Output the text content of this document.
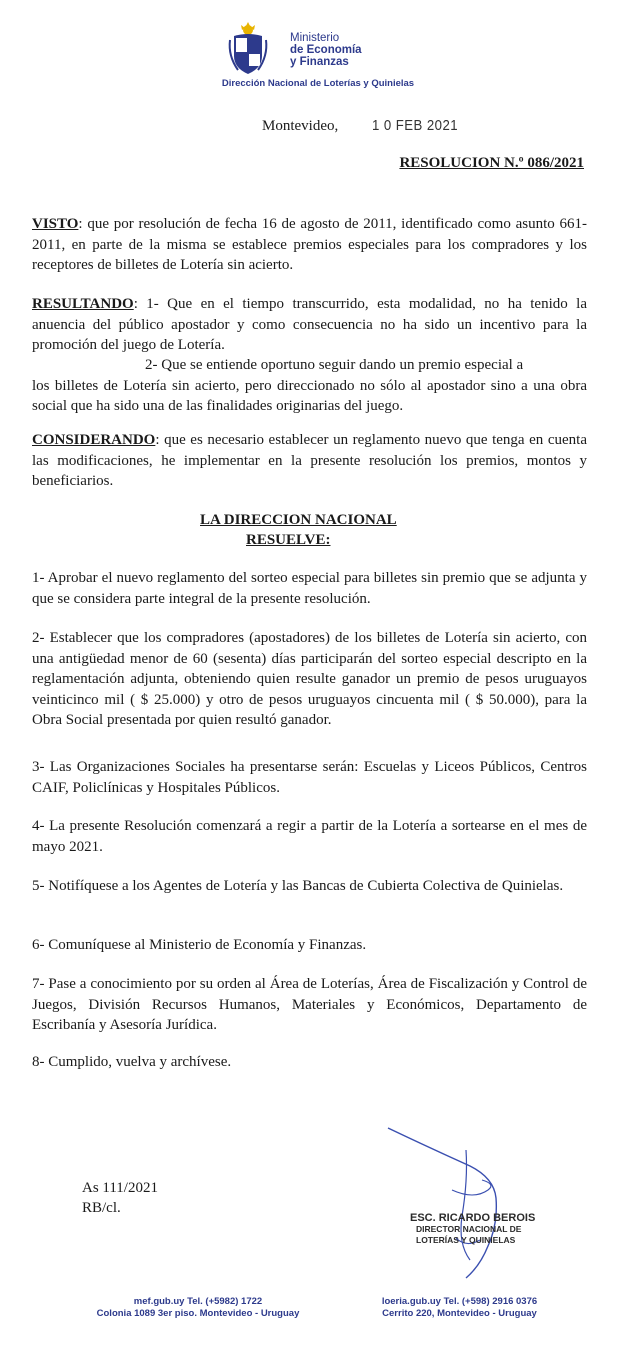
Ministerio
de Economía
y Finanzas
Dirección Nacional de Loterías y Quinielas
Montevideo, 1 0 FEB 2021
RESOLUCION N.º 086/2021

VISTO: que por resolución de fecha 16 de agosto de 2011, identificado como asunto 661-2011, en parte de la misma se establece premios especiales para los compradores y los receptores de billetes de Lotería sin acierto.

RESULTANDO: 1- Que en el tiempo transcurrido, esta modalidad, no ha tenido la anuencia del público apostador y como consecuencia no ha sido un incentivo para la promoción del juego de Lotería.

2- Que se entiende oportuno seguir dando un premio especial a
los billetes de Lotería sin acierto, pero direccionado no sólo al apostador sino a una obra social que ha sido una de las finalidades originarias del juego.

CONSIDERANDO: que es necesario establecer un reglamento nuevo que tenga en cuenta las modificaciones, he implementar en la presente resolución los premios, montos y beneficiarios.

LA DIRECCION NACIONAL
RESUELVE:

1- Aprobar el nuevo reglamento del sorteo especial para billetes sin premio que se adjunta y que se considera parte integral de la presente resolución.

2- Establecer que los compradores (apostadores) de los billetes de Lotería sin acierto, con una antigüedad menor de 60 (sesenta) días participarán del sorteo especial descripto en la reglamentación adjunta, obteniendo quien resulte ganador un premio de pesos uruguayos veinticinco mil ( $ 25.000) y otro de pesos uruguayos cincuenta mil ( $ 50.000), para la Obra Social presentada por quien resultó ganador.

3- Las Organizaciones Sociales ha presentarse serán: Escuelas y Liceos Públicos, Centros CAIF, Policlínicas y Hospitales Públicos.

4- La presente Resolución comenzará a regir a partir de la Lotería a sortearse en el mes de mayo 2021.

5- Notifíquese a los Agentes de Lotería y las Bancas de Cubierta Colectiva de Quinielas.

6- Comuníquese al Ministerio de Economía y Finanzas.

7- Pase a conocimiento por su orden al Área de Loterías, Área de Fiscalización y Control de Juegos, División Recursos Humanos, Materiales y Económicos, Departamento de Escribanía y Asesoría Jurídica.

8- Cumplido, vuelva y archívese.

As 111/2021
RB/cl.
ESC. RICARDO BEROIS
DIRECTOR NACIONAL DE
LOTERÍAS Y QUINIELAS
mef.gub.uy Tel. (+5982) 1722
Colonia 1089 3er piso. Montevideo - Uruguay
loeria.gub.uy Tel. (+598) 2916 0376
Cerrito 220, Montevideo - Uruguay
